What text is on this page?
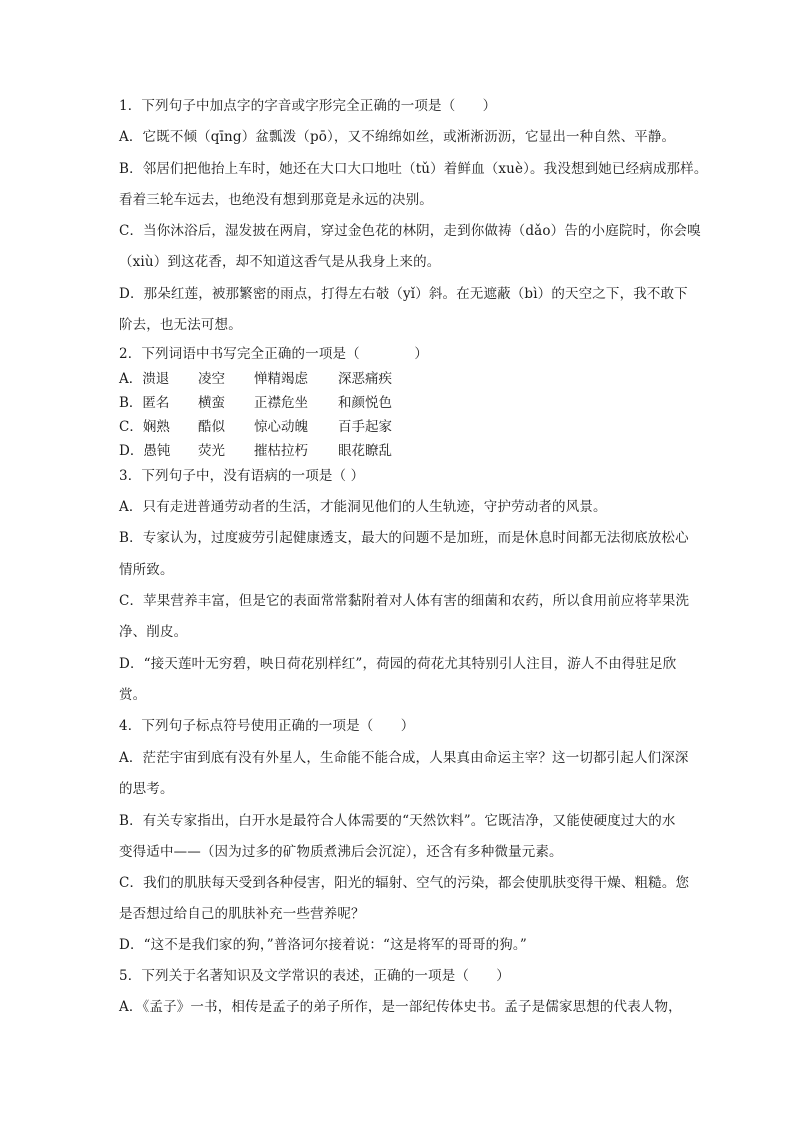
1．下列句子中加点字的字音或字形完全正确的一项是（　　）
A．它既不倾（qīng）盆瓢泼（pō），又不绵绵如丝，或淅淅沥沥，它显出一种自然、平静。
B．邻居们把他抬上车时，她还在大口大口地吐（tǔ）着鲜血（xuè）。我没想到她已经病成那样。
看着三轮车远去，也绝没有想到那竟是永远的决别。
C．当你沐浴后，湿发披在两肩，穿过金色花的林阴，走到你做祷（dǎo）告的小庭院时，你会嗅
（xiù）到这花香，却不知道这香气是从我身上来的。
D．那朵红莲，被那繁密的雨点，打得左右攲（yǐ）斜。在无遮蔽（bì）的天空之下，我不敢下
阶去，也无法可想。
2．下列词语中书写完全正确的一项是（　　　　）
A．溃退 凌空 惮精竭虑 深恶痛疾
B．匿名 横蛮 正襟危坐 和颜悦色
C．娴熟 酷似 惊心动魄 百手起家
D．愚钝 荧光 摧枯拉朽 眼花瞭乱
3．下列句子中，没有语病的一项是（ ）
A．只有走进普通劳动者的生活，才能洞见他们的人生轨迹，守护劳动者的风景。
B．专家认为，过度疲劳引起健康透支，最大的问题不是加班，而是休息时间都无法彻底放松心
情所致。
C．苹果营养丰富，但是它的表面常常黏附着对人体有害的细菌和农药，所以食用前应将苹果洗
净、削皮。
D．“接天莲叶无穷碧，映日荷花别样红”，荷园的荷花尤其特别引人注目，游人不由得驻足欣
赏。
4．下列句子标点符号使用正确的一项是（　　）
A．茫茫宇宙到底有没有外星人，生命能不能合成，人果真由命运主宰？这一切都引起人们深深
的思考。
B．有关专家指出，白开水是最符合人体需要的“天然饮料”。它既洁净，又能使硬度过大的水
变得适中——（因为过多的矿物质煮沸后会沉淀），还含有多种微量元素。
C．我们的肌肤每天受到各种侵害，阳光的辐射、空气的污染，都会使肌肤变得干燥、粗糙。您
是否想过给自己的肌肤补充一些营养呢？
D．“这不是我们家的狗，”普洛诃尔接着说：“这是将军的哥哥的狗。”
5．下列关于名著知识及文学常识的表述，正确的一项是（　　）
A．《孟子》一书，相传是孟子的弟子所作，是一部纪传体史书。孟子是儒家思想的代表人物，
